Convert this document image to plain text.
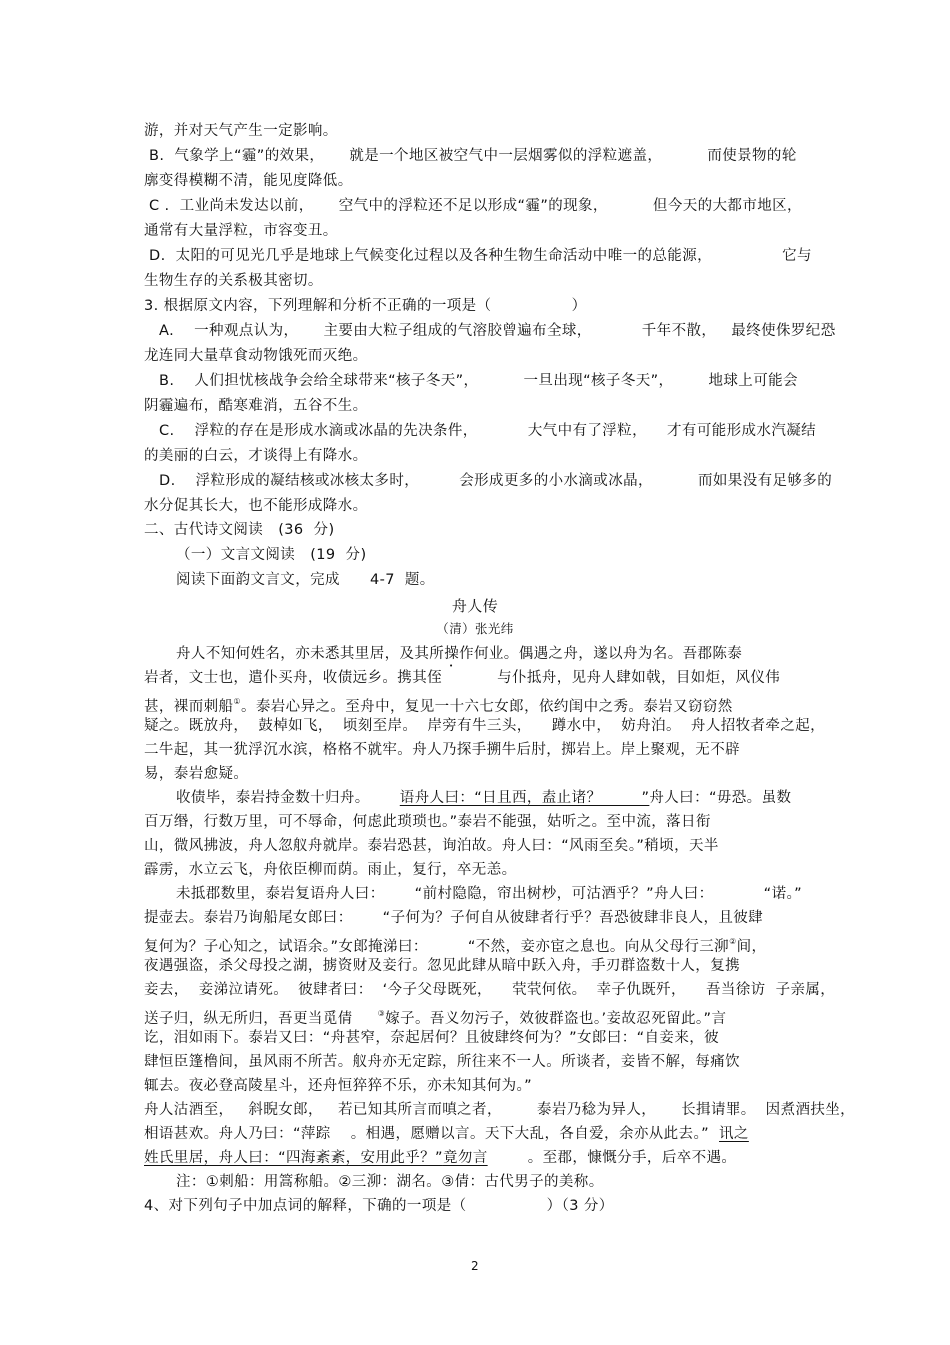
游，并对天气产生一定影响。
B.  气象学上“霾”的效果，     就是一个地区被空气中一层烟雾似的浮粒遮盖，         而使景物的轮
廓变得模糊不清，能见度降低。
C .  工业尚未发达以前，     空气中的浮粒还不足以形成“霾”的现象，         但今天的大都市地区，
通常有大量浮粒，市容变丑。
D.  太阳的可见光几乎是地球上气候变化过程以及各种生物生命活动中唯一的总能源，              它与
生物生存的关系极其密切。
3. 根据原文内容，下列理解和分析不正确的一项是（                ）
A.    一种观点认为，     主要由大粒子组成的气溶胶曾遍布全球，          千年不散，   最终使侏罗纪恐
龙连同大量草食动物饿死而灭绝。
B.    人们担忧核战争会给全球带来“核子冬天”，         一旦出现“核子冬天”，       地球上可能会
阴霾遍布，酷寒难消，五谷不生。
C.    浮粒的存在是形成水滴或冰晶的先决条件，          大气中有了浮粒，    才有可能形成水汽凝结
的美丽的白云，才谈得上有降水。
D.    浮粒形成的凝结核或冰核太多时，        会形成更多的小水滴或冰晶，         而如果没有足够多的
水分促其长大，也不能形成降水。
二、古代诗文阅读   (36  分)
（一）文言文阅读   (19  分)
阅读下面韵文言文，完成      4-7  题。
舟人传
（清）张光纬
舟人不知何姓名，亦未悉其里居，及其所操作何业。偶遇之舟，遂以舟为名。吾郡陈泰
岩者，文士也，遣仆买舟，收债远乡。携其侄           与仆抵舟，见舟人肆如戟，目如炬，风仪伟
甚，裸而刺船①。泰岩心异之。至舟中，复见一十六七女郎，依约闺中之秀。泰岩又窃窃然
疑之。既放舟，  鼓棹如飞，  顷刻至岸。  岸旁有牛三头，    蹲水中，  妨舟泊。  舟人招牧者牵之起，
二牛起，其一犹浮沉水滨，格格不就牢。舟人乃探手搠牛后肘，掷岩上。岸上聚观，无不辟
易，泰岩愈疑。
收债毕，泰岩持金数十归舟。      语舟人曰：“日且西，盍止诸？        ”舟人曰：“毋恐。虽数
百万缗，行数万里，可不辱命，何虑此琐琐也。”泰岩不能强，姑听之。至中流，落日衔
山，微风拂波，舟人忽舣舟就岸。泰岩恐甚，询泊故。舟人曰：“风雨至矣。”稍顷，天半
霹雳，水立云飞，舟依臣柳而荫。雨止，复行，卒无恙。
未抵郡数里，泰岩复语舟人曰：      “前村隐隐，帘出树杪，可沽酒乎？”舟人曰：          “诺。”
提壶去。泰岩乃询船尾女郎曰：      “子何为？子何自从彼肆者行乎？吾恐彼肆非良人，且彼肆
复何为？子心知之，试语余。”女郎掩涕曰：        “不然，妾亦宦之息也。向从父母行三泖②间，
夜遇强盗，杀父母投之湖，掳资财及妾行。忽见此肆从暗中跃入舟，手刃群盗数十人，复携
妾去，  妾涕泣请死。  彼肆者曰：  ‘今子父母既死，    茕茕何依。  幸子仇既歼，    吾当徐访  子亲属，
送子归，纵无所归，吾更当觅倩     ③嫁子。吾义勿污子，效彼群盗也。’妾故忍死留此。”言
讫，泪如雨下。泰岩又曰：“舟甚窄，奈起居何？且彼肆终何为？”女郎曰：“自妾来，彼
肆恒臣篷橹间，虽风雨不所苦。舣舟亦无定踪，所往来不一人。所谈者，妾皆不解，每痛饮
辄去。夜必登高陵星斗，还舟恒猝猝不乐，亦未知其何为。”
舟人沽酒至，   斜睨女郎，   若已知其所言而嗔之者，       泰岩乃稔为异人，     长揖请罪。  因煮酒扶坐，
相语甚欢。舟人乃曰：“萍踪    。相遇，愿赠以言。天下大乱，各自爱，余亦从此去。”  讯之
姓氏里居，舟人曰：“四海紊紊，安用此乎？”竟勿言        。至郡，慷慨分手，后卒不遇。
注：①刺船：用篙称船。②三泖：湖名。③倩：古代男子的美称。
4、对下列句子中加点词的解释，下确的一项是（                ）（3 分）
2
